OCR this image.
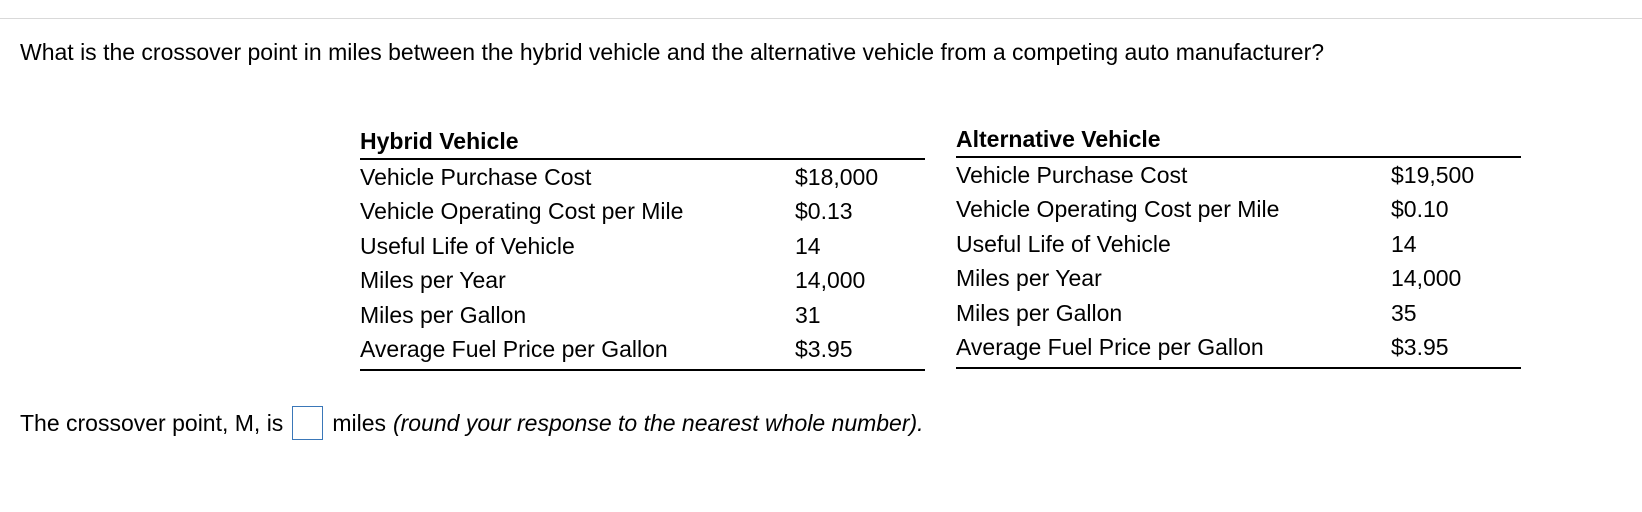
What is the crossover point in miles between the hybrid vehicle and the alternative vehicle from a competing auto manufacturer?
Hybrid Vehicle
Vehicle Purchase Cost	$18,000
Vehicle Operating Cost per Mile	$0.13
Useful Life of Vehicle	14
Miles per Year	14,000
Miles per Gallon	31
Average Fuel Price per Gallon	$3.95
Alternative Vehicle
Vehicle Purchase Cost	$19,500
Vehicle Operating Cost per Mile	$0.10
Useful Life of Vehicle	14
Miles per Year	14,000
Miles per Gallon	35
Average Fuel Price per Gallon	$3.95
The crossover point, M, is miles (round your response to the nearest whole number).
